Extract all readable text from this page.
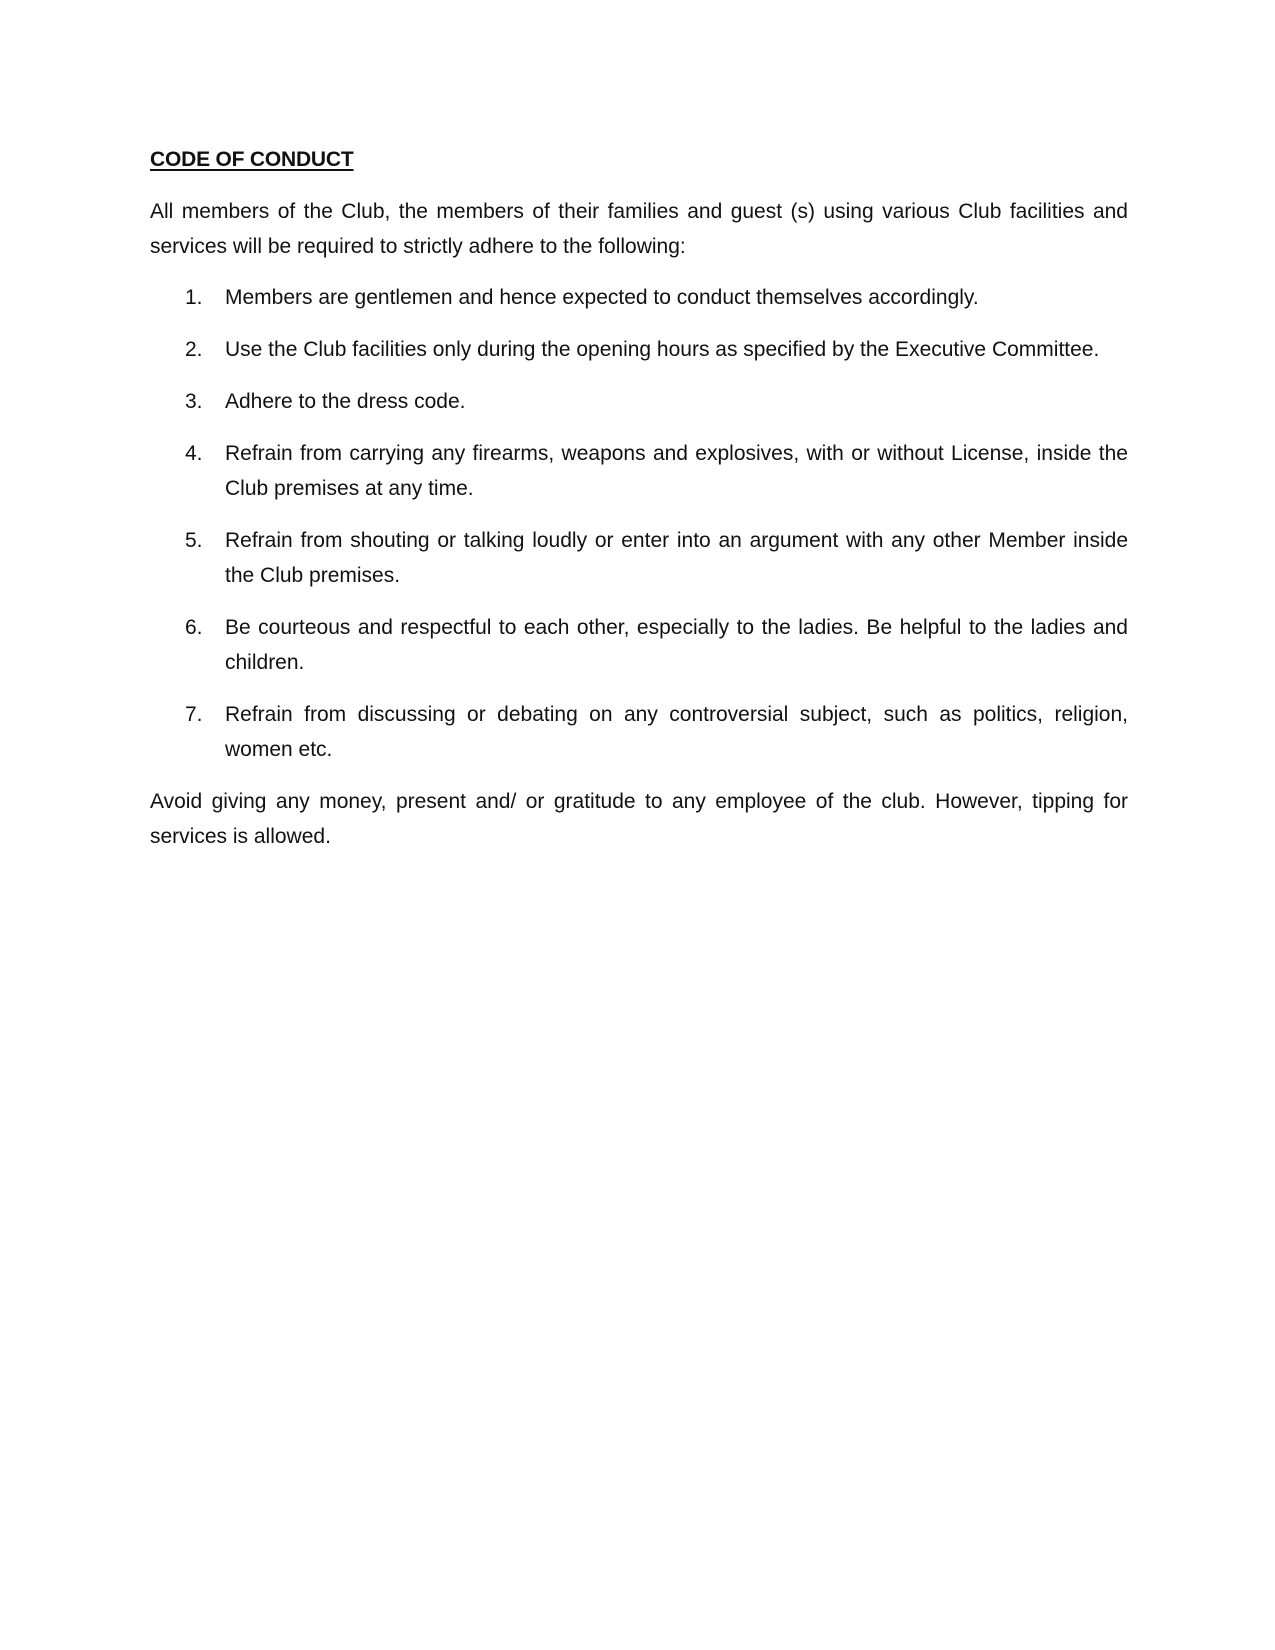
CODE OF CONDUCT

All members of the Club, the members of their families and guest (s) using various Club facilities and services will be required to strictly adhere to the following:

1.	Members are gentlemen and hence expected to conduct themselves accordingly.
2.	Use the Club facilities only during the opening hours as specified by the Executive Committee.
3.	Adhere to the dress code.
4.	Refrain from carrying any firearms, weapons and explosives, with or without License, inside the Club premises at any time.
5.	Refrain from shouting or talking loudly or enter into an argument with any other Member inside the Club premises.
6.	Be courteous and respectful to each other, especially to the ladies. Be helpful to the ladies and children.
7.	Refrain from discussing or debating on any controversial subject, such as politics, religion, women etc.

Avoid giving any money, present and/ or gratitude to any employee of the club. However, tipping for services is allowed.
